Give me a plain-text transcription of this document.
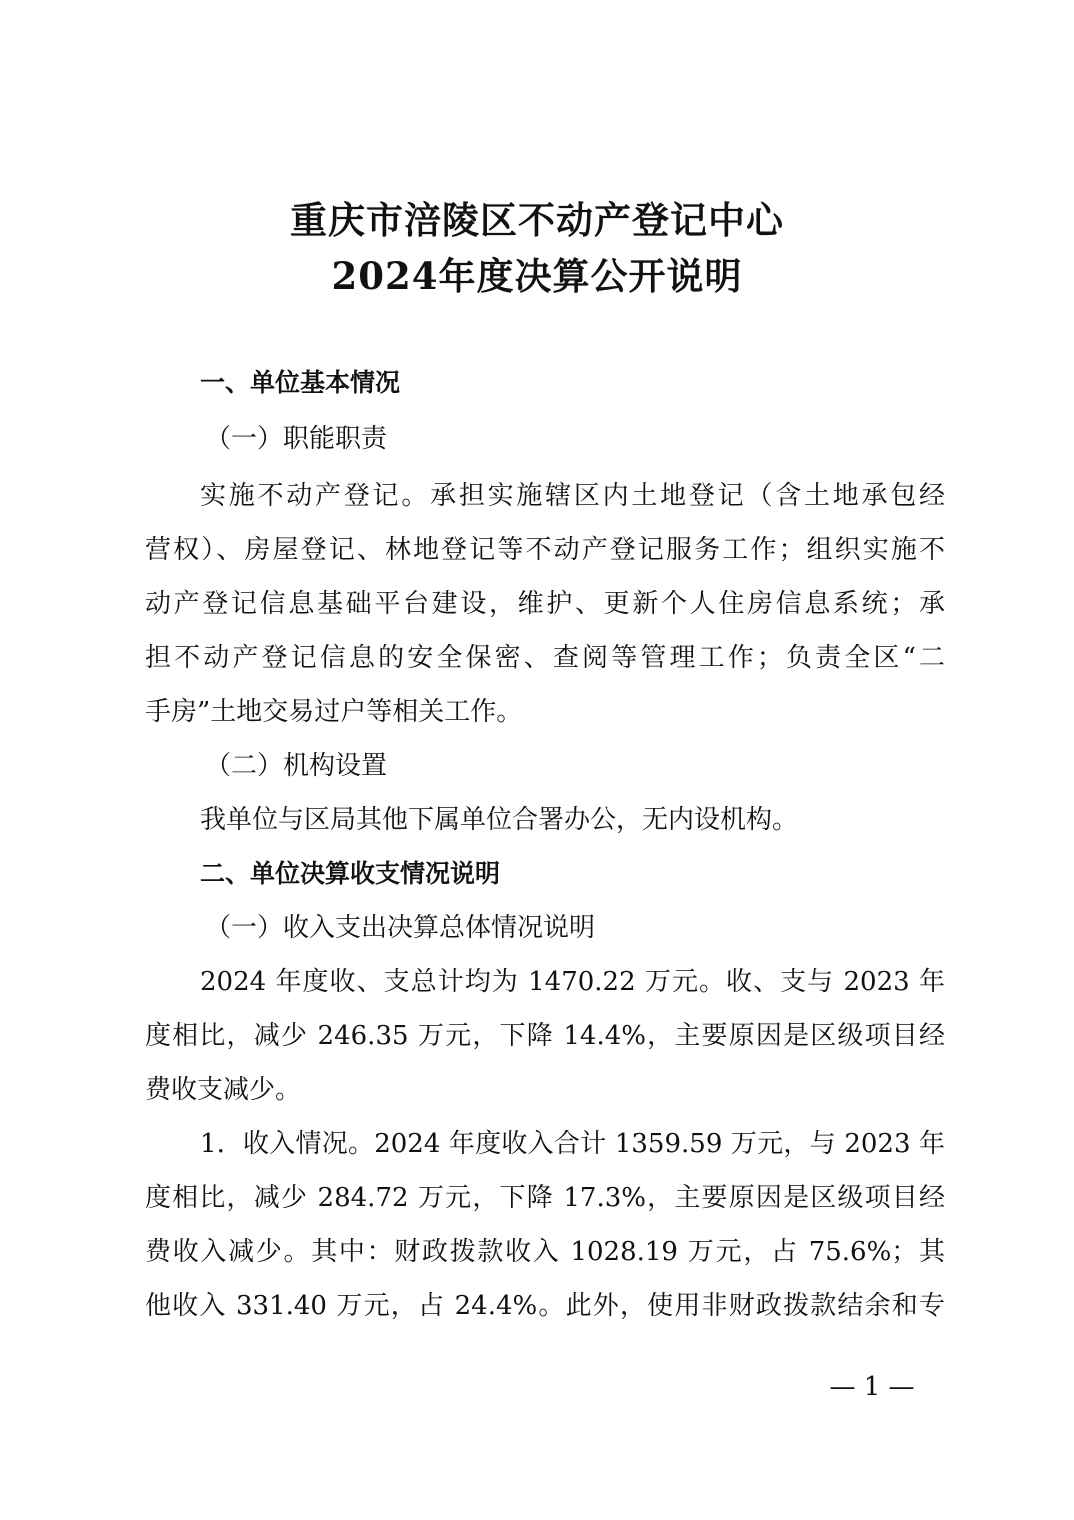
重庆市涪陵区不动产登记中心
2024年度决算公开说明

一、单位基本情况

（一）职能职责

实施不动产登记。承担实施辖区内土地登记（含土地承包经

营权）、房屋登记、林地登记等不动产登记服务工作；组织实施不

动产登记信息基础平台建设，维护、更新个人住房信息系统；承

担不动产登记信息的安全保密、查阅等管理工作；负责全区“二

手房”土地交易过户等相关工作。

（二）机构设置

我单位与区局其他下属单位合署办公，无内设机构。

二、单位决算收支情况说明

（一）收入支出决算总体情况说明

2024 年度收、支总计均为 1470.22 万元。收、支与 2023 年

度相比，减少 246.35 万元，下降 14.4%，主要原因是区级项目经

费收支减少。

1．收入情况。2024 年度收入合计 1359.59 万元，与 2023 年

度相比，减少 284.72 万元，下降 17.3%，主要原因是区级项目经

费收入减少。其中：财政拨款收入 1028.19 万元，占 75.6%；其

他收入 331.40 万元，占 24.4%。此外，使用非财政拨款结余和专

— 1 —
